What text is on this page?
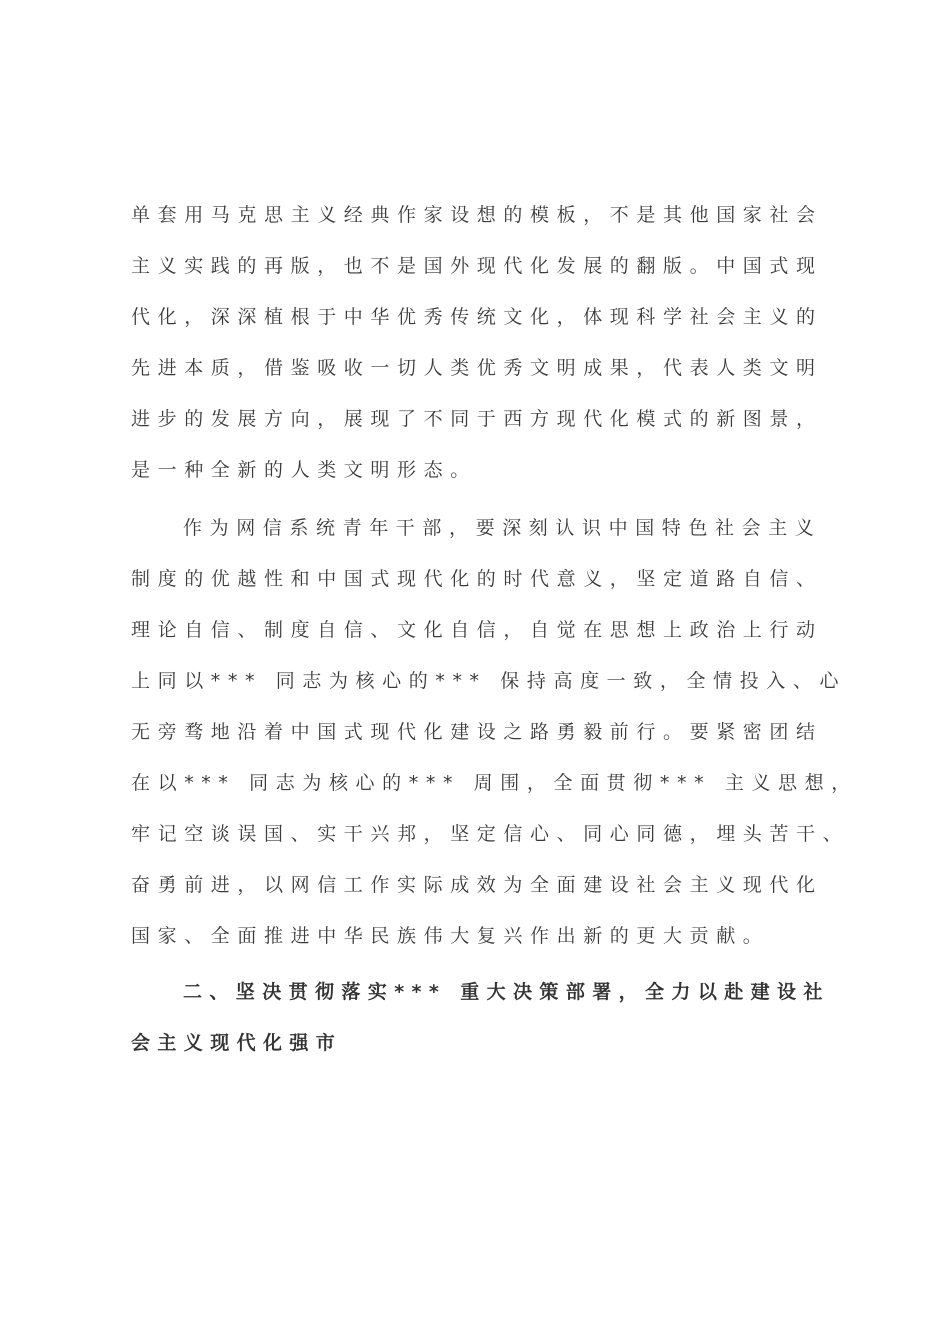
单套用马克思主义经典作家设想的模板，不是其他国家社会
主义实践的再版，也不是国外现代化发展的翻版。中国式现
代化，深深植根于中华优秀传统文化，体现科学社会主义的
先进本质，借鉴吸收一切人类优秀文明成果，代表人类文明
进步的发展方向，展现了不同于西方现代化模式的新图景，
是一种全新的人类文明形态。
作为网信系统青年干部，要深刻认识中国特色社会主义
制度的优越性和中国式现代化的时代意义，坚定道路自信、
理论自信、制度自信、文化自信，自觉在思想上政治上行动
上同以*** 同志为核心的*** 保持高度一致，全情投入、心
无旁骛地沿着中国式现代化建设之路勇毅前行。要紧密团结
在以*** 同志为核心的*** 周围，全面贯彻*** 主义思想，
牢记空谈误国、实干兴邦，坚定信心、同心同德，埋头苦干、
奋勇前进，以网信工作实际成效为全面建设社会主义现代化
国家、全面推进中华民族伟大复兴作出新的更大贡献。
二、坚决贯彻落实*** 重大决策部署，全力以赴建设社
会主义现代化强市
